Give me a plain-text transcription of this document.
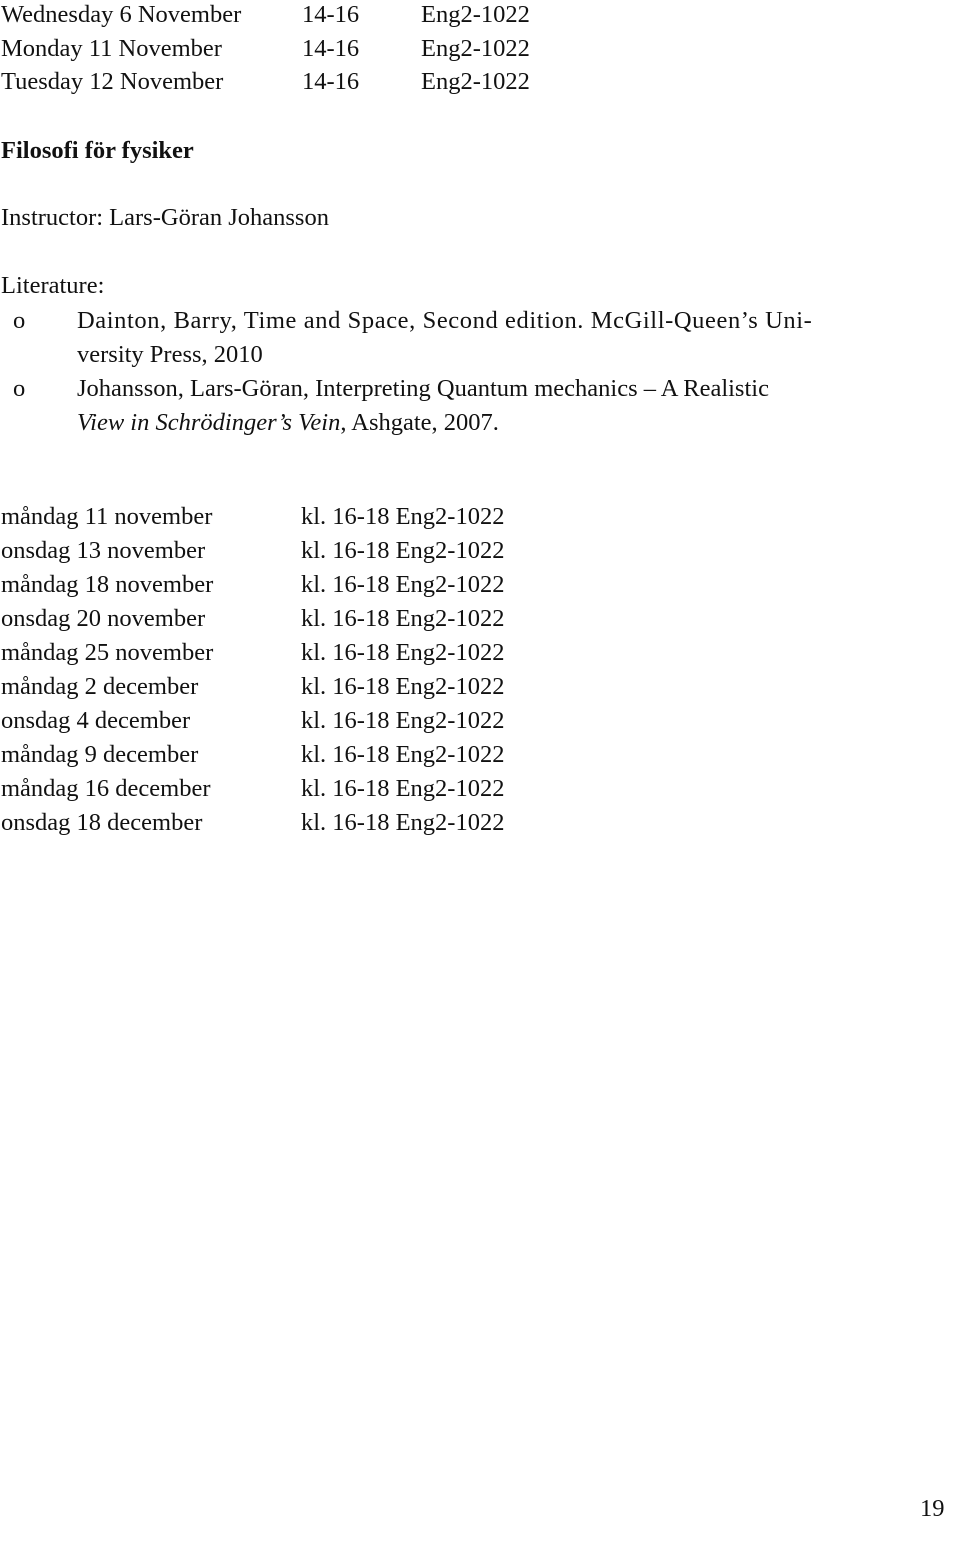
Wednesday 6 November 14-16	Eng2-1022
Monday 11 November	14-16	Eng2-1022
Tuesday 12 November	14-16	Eng2-1022
Filosofi för fysiker
Instructor: Lars-Göran Johansson
Literature:
o Dainton, Barry, Time and Space, Second edition. McGill-Queen’s Uni-
versity Press, 2010
o Johansson, Lars-Göran, Interpreting Quantum mechanics – A Realistic
View in Schrödinger’s Vein, Ashgate, 2007.
måndag 11 november	kl. 16-18 Eng2-1022
onsdag 13 november	kl. 16-18 Eng2-1022
måndag 18 november	kl. 16-18 Eng2-1022
onsdag 20 november	kl. 16-18 Eng2-1022
måndag 25 november	kl. 16-18 Eng2-1022
måndag 2 december	kl. 16-18 Eng2-1022
onsdag 4 december	kl. 16-18 Eng2-1022
måndag 9 december	kl. 16-18 Eng2-1022
måndag 16 december	kl. 16-18 Eng2-1022
onsdag 18 december	kl. 16-18 Eng2-1022
19
